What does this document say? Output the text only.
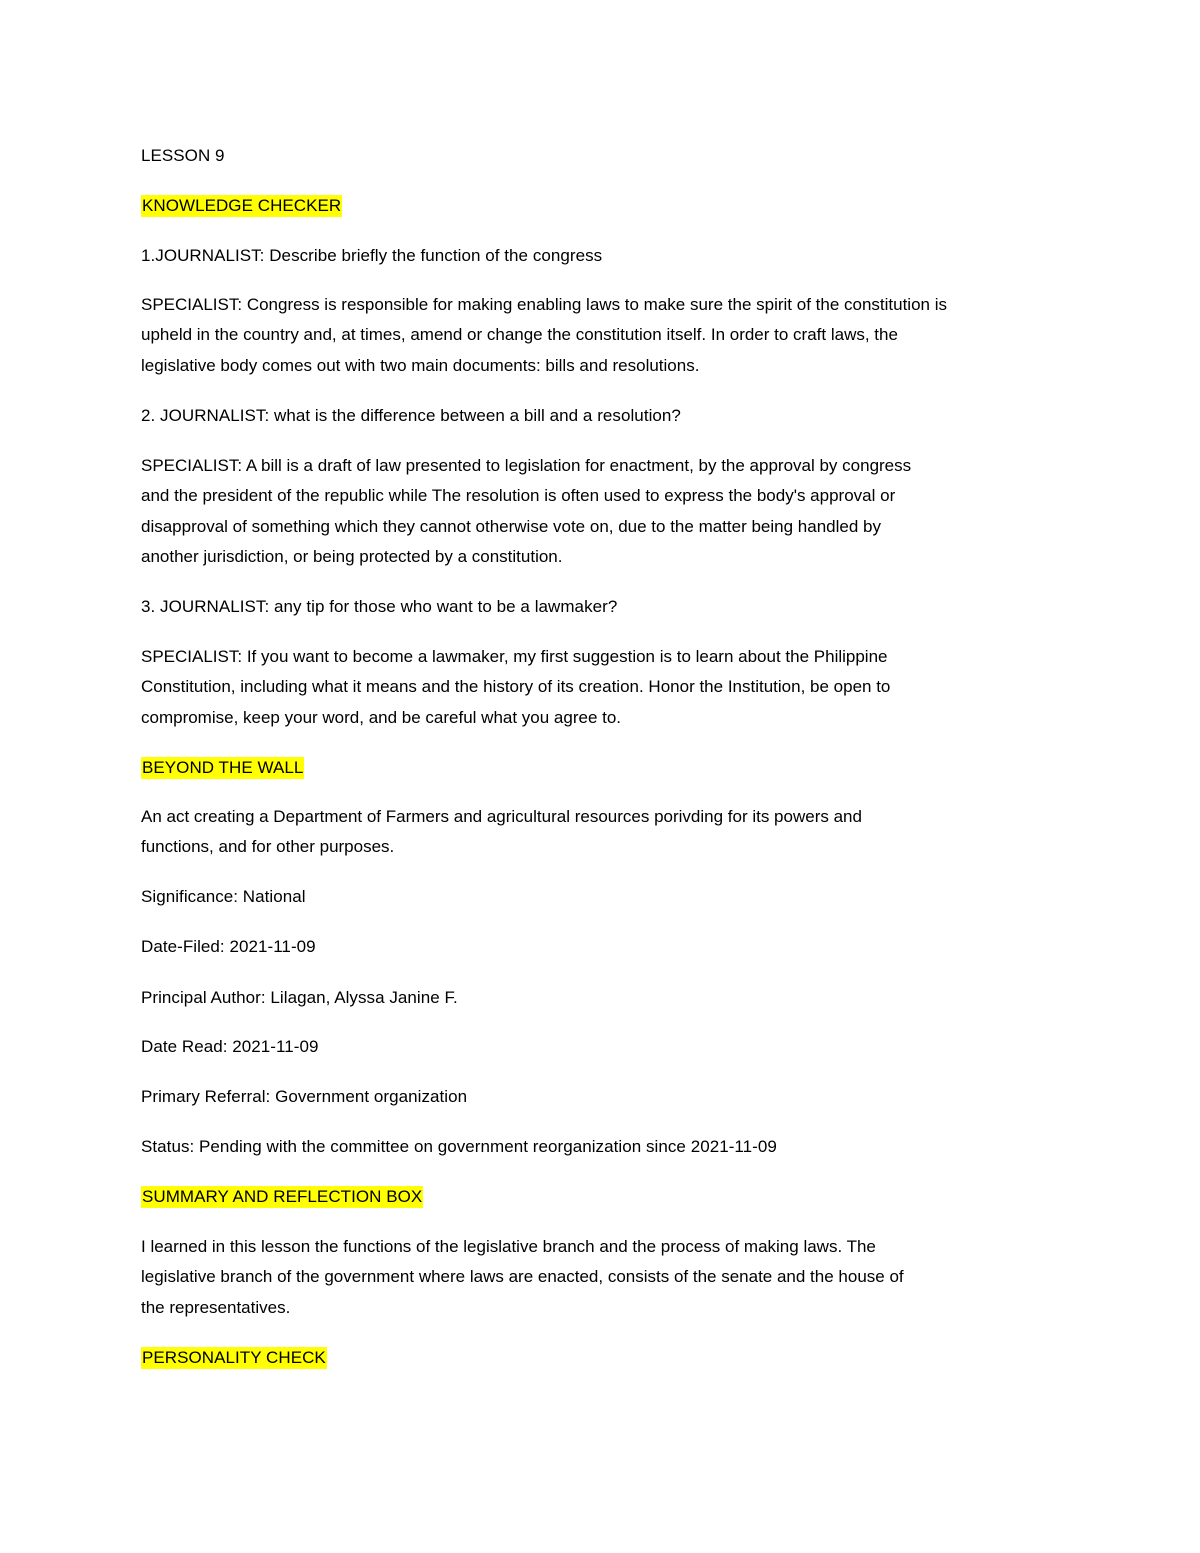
LESSON 9
KNOWLEDGE CHECKER
1.JOURNALIST: Describe briefly the function of the congress
SPECIALIST: Congress is responsible for making enabling laws to make sure the spirit of the constitution is
upheld in the country and, at times, amend or change the constitution itself. In order to craft laws, the
legislative body comes out with two main documents: bills and resolutions.
2. JOURNALIST: what is the difference between a bill and a resolution?
SPECIALIST: A bill is a draft of law presented to legislation for enactment, by the approval by congress
and the president of the republic while The resolution is often used to express the body's approval or
disapproval of something which they cannot otherwise vote on, due to the matter being handled by
another jurisdiction, or being protected by a constitution.
3. JOURNALIST: any tip for those who want to be a lawmaker?
SPECIALIST: If you want to become a lawmaker, my first suggestion is to learn about the Philippine
Constitution, including what it means and the history of its creation. Honor the Institution, be open to
compromise, keep your word, and be careful what you agree to.
BEYOND THE WALL
An act creating a Department of Farmers and agricultural resources porivding for its powers and
functions, and for other purposes.
Significance: National
Date-Filed: 2021-11-09
Principal Author: Lilagan, Alyssa Janine F.
Date Read: 2021-11-09
Primary Referral: Government organization
Status: Pending with the committee on government reorganization since 2021-11-09
SUMMARY AND REFLECTION BOX
I learned in this lesson the functions of the legislative branch and the process of making laws. The
legislative branch of the government where laws are enacted, consists of the senate and the house of
the representatives.
PERSONALITY CHECK
